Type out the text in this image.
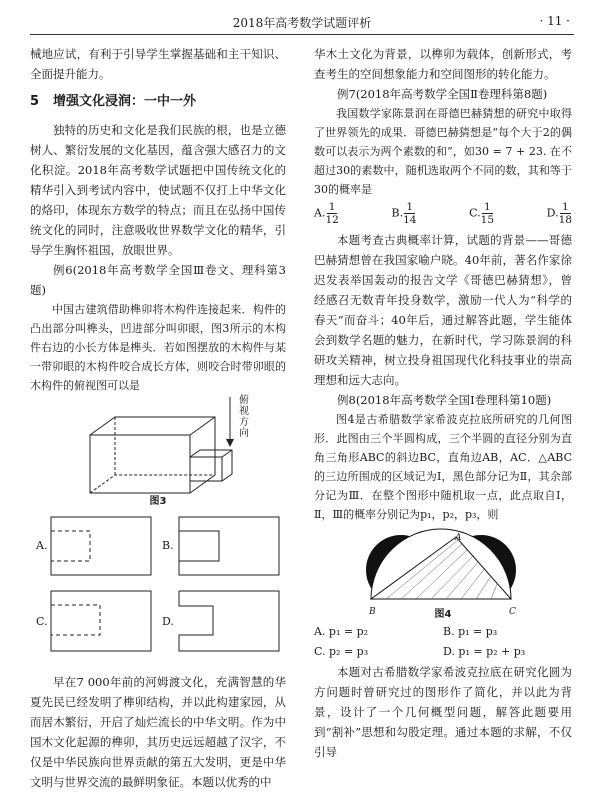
2018年高考数学试题评析	· 11 ·

械地应试，有利于引导学生掌握基础和主干知识、全面提升能力。

5 增强文化浸润：一中一外

独特的历史和文化是我们民族的根，也是立德树人、繁衍发展的文化基因，蕴含强大感召力的文化积淀。2018年高考数学试题把中国传统文化的精华引入到考试内容中，使试题不仅打上中华文化的烙印，体现东方数学的特点；而且在弘扬中国传统文化的同时，注意吸收世界数学文化的精华，引导学生胸怀祖国，放眼世界。

例6(2018年高考数学全国Ⅲ卷文、理科第3题)

中国古建筑借助榫卯将木构件连接起来．构件的凸出部分叫榫头，凹进部分叫卯眼，图3所示的木构件右边的小长方体是榫头．若如图摆放的木构件与某一带卯眼的木构件咬合成长方体，则咬合时带卯眼的木构件的俯视图可以是

俯视方向
图3
A.	B.
C.	D.

早在7 000年前的河姆渡文化，充满智慧的华夏先民已经发明了榫卯结构，并以此构建家园，从而居木繁衍，开启了灿烂流长的中华文明。作为中国木文化起源的榫卯，其历史远远超越了汉字，不仅是中华民族向世界贡献的第五大发明，更是中华文明与世界交流的最鲜明象征。本题以优秀的中

华木土文化为背景，以榫卯为载体，创新形式，考查考生的空间想象能力和空间图形的转化能力。

例7(2018年高考数学全国Ⅱ卷理科第8题)

我国数学家陈景润在哥德巴赫猜想的研究中取得了世界领先的成果．哥德巴赫猜想是“每个大于2的偶数可以表示为两个素数的和”，如30 = 7 + 23. 在不超过30的素数中，随机选取两个不同的数，其和等于30的概率是

A. $\frac{1}{12}$	B. $\frac{1}{14}$	C. $\frac{1}{15}$	D. $\frac{1}{18}$

本题考查古典概率计算，试题的背景——哥德巴赫猜想曾在我国家喻户晓。40年前，著名作家徐迟发表举国轰动的报告文学《哥德巴赫猜想》，曾经感召无数青年投身数学，激励一代人为“科学的春天”而奋斗；40年后，通过解答此题，学生能体会到数学名题的魅力，在新时代，学习陈景润的科研攻关精神，树立投身祖国现代化科技事业的崇高理想和远大志向。

例8(2018年高考数学全国Ⅰ卷理科第10题)

图4是古希腊数学家希波克拉底所研究的几何图形．此图由三个半圆构成，三个半圆的直径分别为直角三角形ABC的斜边BC，直角边AB，AC．△ABC的三边所围成的区域记为Ⅰ，黑色部分记为Ⅱ，其余部分记为Ⅲ．在整个图形中随机取一点，此点取自Ⅰ，Ⅱ，Ⅲ的概率分别记为p₁，p₂，p₃，则

A
B	C
图4
A. p₁ = p₂	B. p₁ = p₃
C. p₂ = p₃	D. p₁ = p₂ + p₃

本题对古希腊数学家希波克拉底在研究化圆为方问题时曾研究过的图形作了简化，并以此为背景，设计了一个几何概型问题，解答此题要用到“割补”思想和勾股定理。通过本题的求解，不仅引导
